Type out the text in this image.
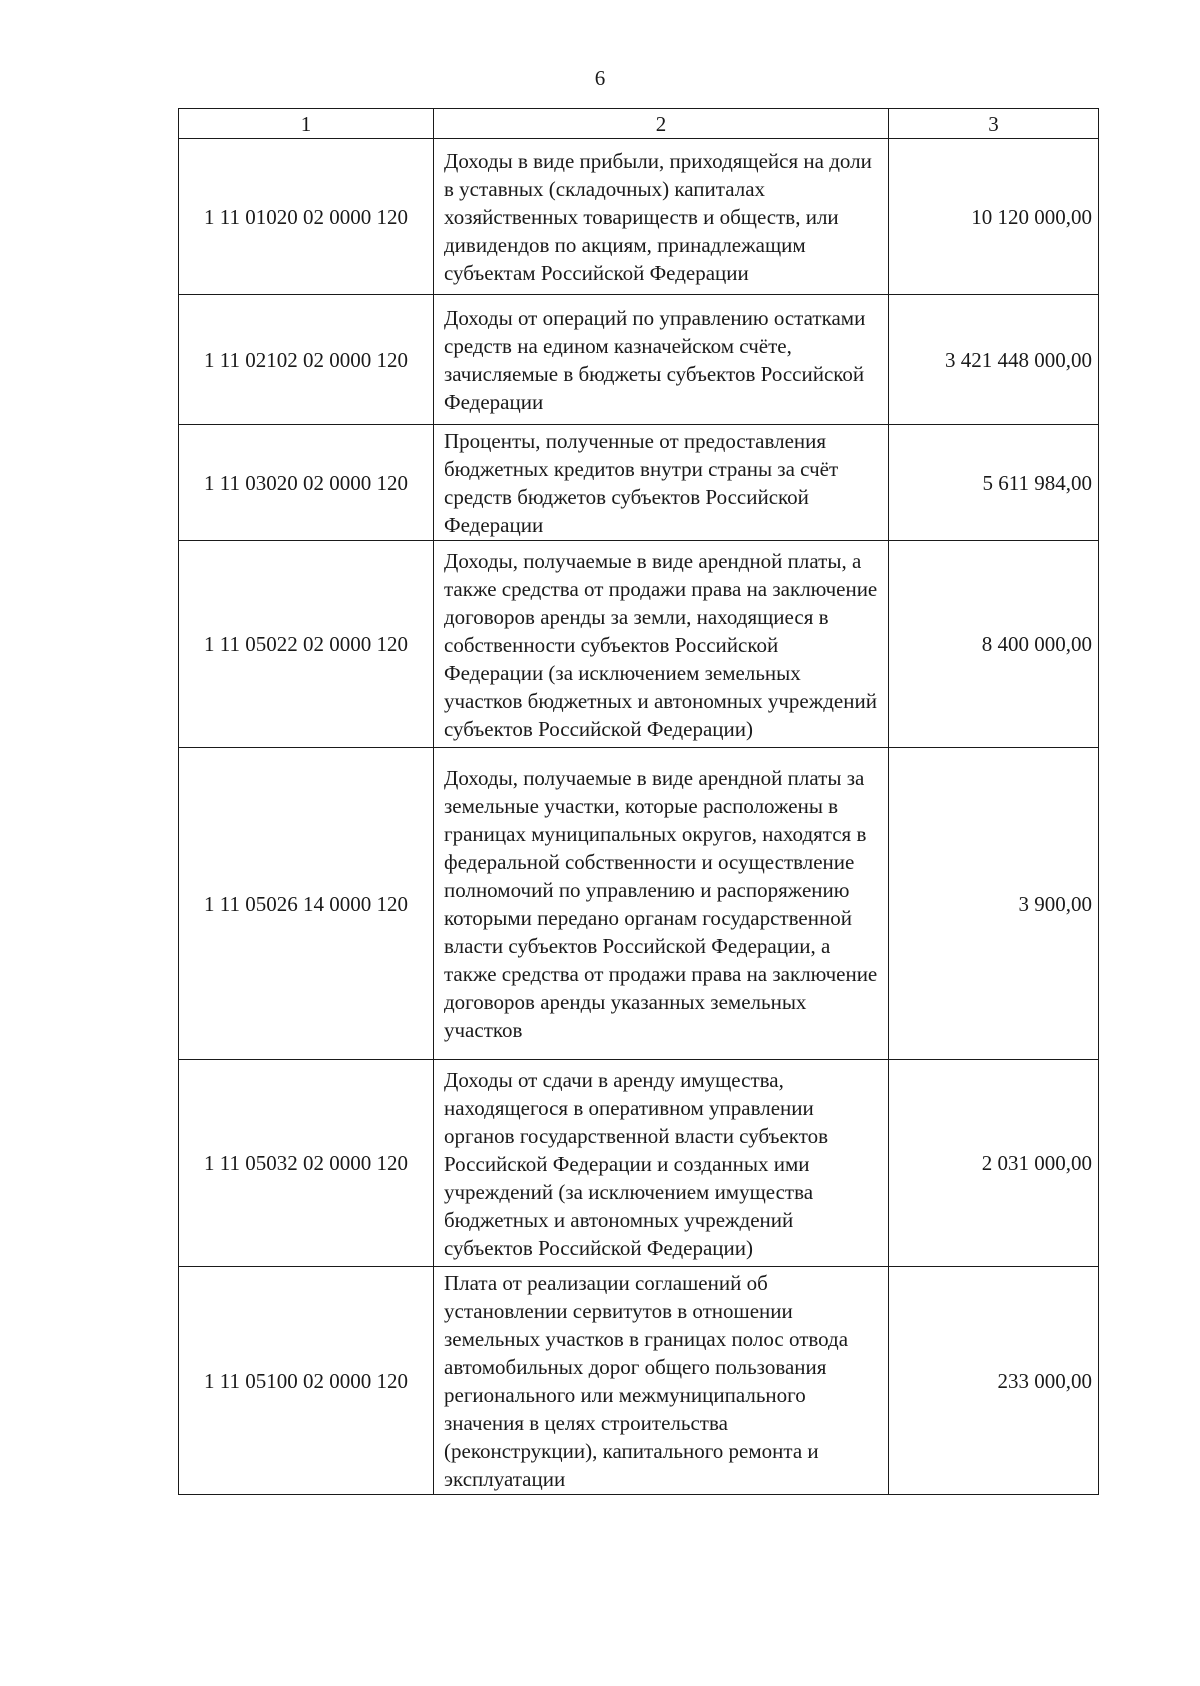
6
1	2	3
1 11 01020 02 0000 120	Доходы в виде прибыли, приходящейся на доли в уставных (складочных) капиталах хозяйственных товариществ и обществ, или дивидендов по акциям, принадлежащим субъектам Российской Федерации	10 120 000,00
1 11 02102 02 0000 120	Доходы от операций по управлению остатками средств на едином казначейском счёте, зачисляемые в бюджеты субъектов Российской Федерации	3 421 448 000,00
1 11 03020 02 0000 120	Проценты, полученные от предоставления бюджетных кредитов внутри страны за счёт средств бюджетов субъектов Российской Федерации	5 611 984,00
1 11 05022 02 0000 120	Доходы, получаемые в виде арендной платы, а также средства от продажи права на заключение договоров аренды за земли, находящиеся в собственности субъектов Российской Федерации (за исключением земельных участков бюджетных и автономных учреждений субъектов Российской Федерации)	8 400 000,00
1 11 05026 14 0000 120	Доходы, получаемые в виде арендной платы за земельные участки, которые расположены в границах муниципальных округов, находятся в федеральной собственности и осуществление полномочий по управлению и распоряжению которыми передано органам государственной власти субъектов Российской Федерации, а также средства от продажи права на заключение договоров аренды указанных земельных участков	3 900,00
1 11 05032 02 0000 120	Доходы от сдачи в аренду имущества, находящегося в оперативном управлении органов государственной власти субъектов Российской Федерации и созданных ими учреждений (за исключением имущества бюджетных и автономных учреждений субъектов Российской Федерации)	2 031 000,00
1 11 05100 02 0000 120	Плата от реализации соглашений об установлении сервитутов в отношении земельных участков в границах полос отвода автомобильных дорог общего пользования регионального или межмуниципального значения в целях строительства (реконструкции), капитального ремонта и эксплуатации	233 000,00
